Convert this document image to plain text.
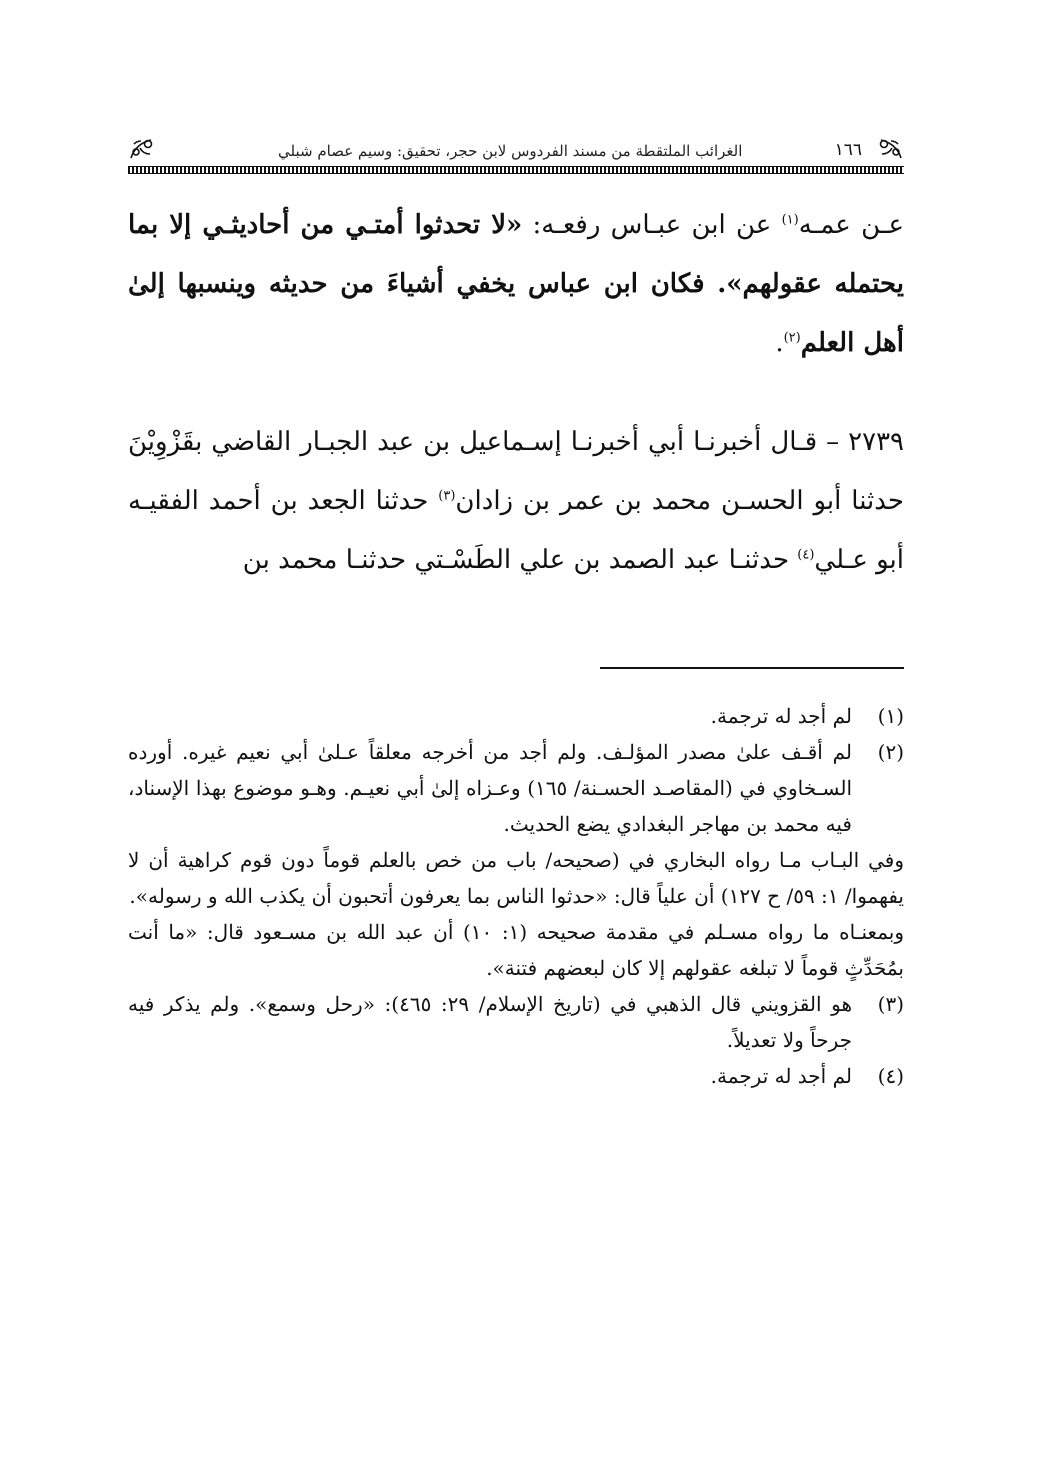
الغرائب الملتقطة من مسند الفردوس لابن حجر، تحقيق: وسيم عصام شبلي	١٦٦

عـن عمـه$^{(١)}$ عن ابن عبـاس رفعـه: «لا تحدثوا أمتـي من أحاديثـي إلا بما يحتمله عقولهم». فكان ابن عباس يخفي أشياءَ من حديثه وينسبها إلىٰ أهل العلم$^{(٢)}$.

٢٧٣٩ – قـال أخبرنـا أبي أخبرنـا إسـماعيل بن عبد الجبـار القاضي بقَزْوِيْنَ حدثنا أبو الحسـن محمد بن عمر بن زادان$^{(٣)}$ حدثنا الجعد بن أحمد الفقيـه أبو عـلي$^{(٤)}$ حدثنـا عبد الصمد بن علي الطَسْـتي حدثنـا محمد بن

(١)
لم أجد له ترجمة.
(٢)
لم أقـف علىٰ مصدر المؤلـف. ولم أجد من أخرجه معلقاً عـلىٰ أبي نعيم غيره. أورده السـخاوي في (المقاصـد الحسـنة/ ١٦٥) وعـزاه إلىٰ أبي نعيـم. وهـو موضوع بهذا الإسناد، فيه محمد بن مهاجر البغدادي يضع الحديث.
وفي البـاب مـا رواه البخاري في (صحيحه/ باب من خص بالعلم قوماً دون قوم كراهية أن لا يفهموا/ ١: ٥٩/ ح ١٢٧) أن علياً قال: «حدثوا الناس بما يعرفون أتحبون أن يكذب الله و رسوله».
وبمعنـاه ما رواه مسـلم في مقدمة صحيحه (١: ١٠) أن عبد الله بن مسـعود قال: «ما أنت بمُحَدِّثٍ قوماً لا تبلغه عقولهم إلا كان لبعضهم فتنة».
(٣)
هو القزويني قال الذهبي في (تاريخ الإسلام/ ٢٩: ٤٦٥): «رحل وسمع». ولم يذكر فيه جرحاً ولا تعديلاً.
(٤)
لم أجد له ترجمة.
